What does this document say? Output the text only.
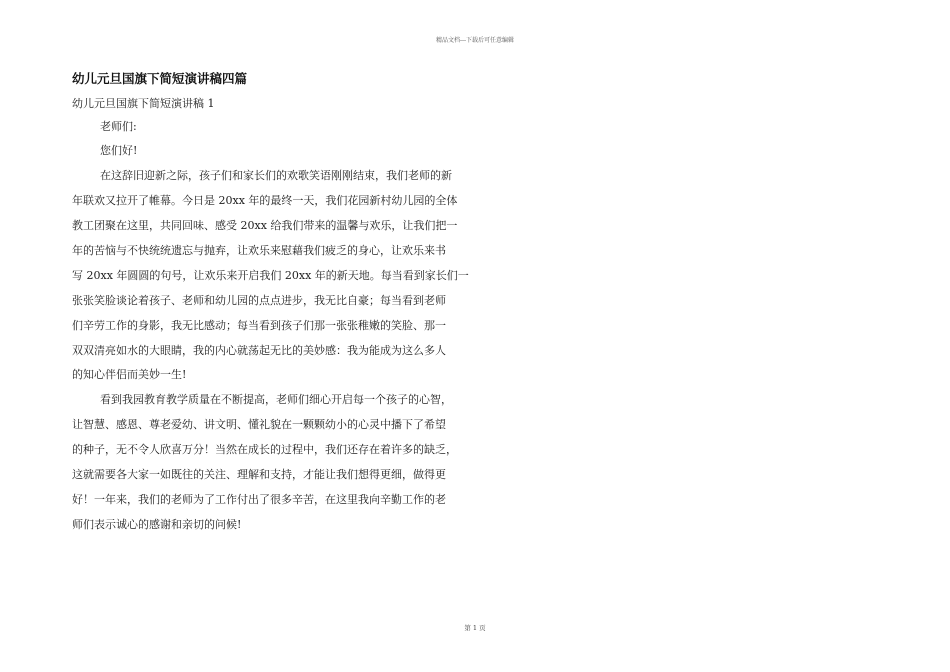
精品文档---下载后可任意编辑
幼儿元旦国旗下简短演讲稿四篇
幼儿元旦国旗下简短演讲稿 1
老师们:
您们好!
在这辞旧迎新之际，孩子们和家长们的欢歌笑语刚刚结束，我们老师的新
年联欢又拉开了帷幕。今日是 20xx 年的最终一天，我们花园新村幼儿园的全体
教工团聚在这里，共同回味、感受 20xx 给我们带来的温馨与欢乐，让我们把一
年的苦恼与不快统统遗忘与抛弃，让欢乐来慰藉我们疲乏的身心，让欢乐来书
写 20xx 年圆圆的句号，让欢乐来开启我们 20xx 年的新天地。每当看到家长们一
张张笑脸谈论着孩子、老师和幼儿园的点点进步，我无比自豪；每当看到老师
们辛劳工作的身影，我无比感动；每当看到孩子们那一张张稚嫩的笑脸、那一
双双清亮如水的大眼睛，我的内心就荡起无比的美妙感：我为能成为这么多人
的知心伴侣而美妙一生!
看到我园教育教学质量在不断提高，老师们细心开启每一个孩子的心智，
让智慧、感恩、尊老爱幼、讲文明、懂礼貌在一颗颗幼小的心灵中播下了希望
的种子，无不令人欣喜万分！当然在成长的过程中，我们还存在着许多的缺乏，
这就需要各大家一如既往的关注、理解和支持，才能让我们想得更细，做得更
好！一年来，我们的老师为了工作付出了很多辛苦，在这里我向辛勤工作的老
师们表示诚心的感谢和亲切的问候!
第 1 页
